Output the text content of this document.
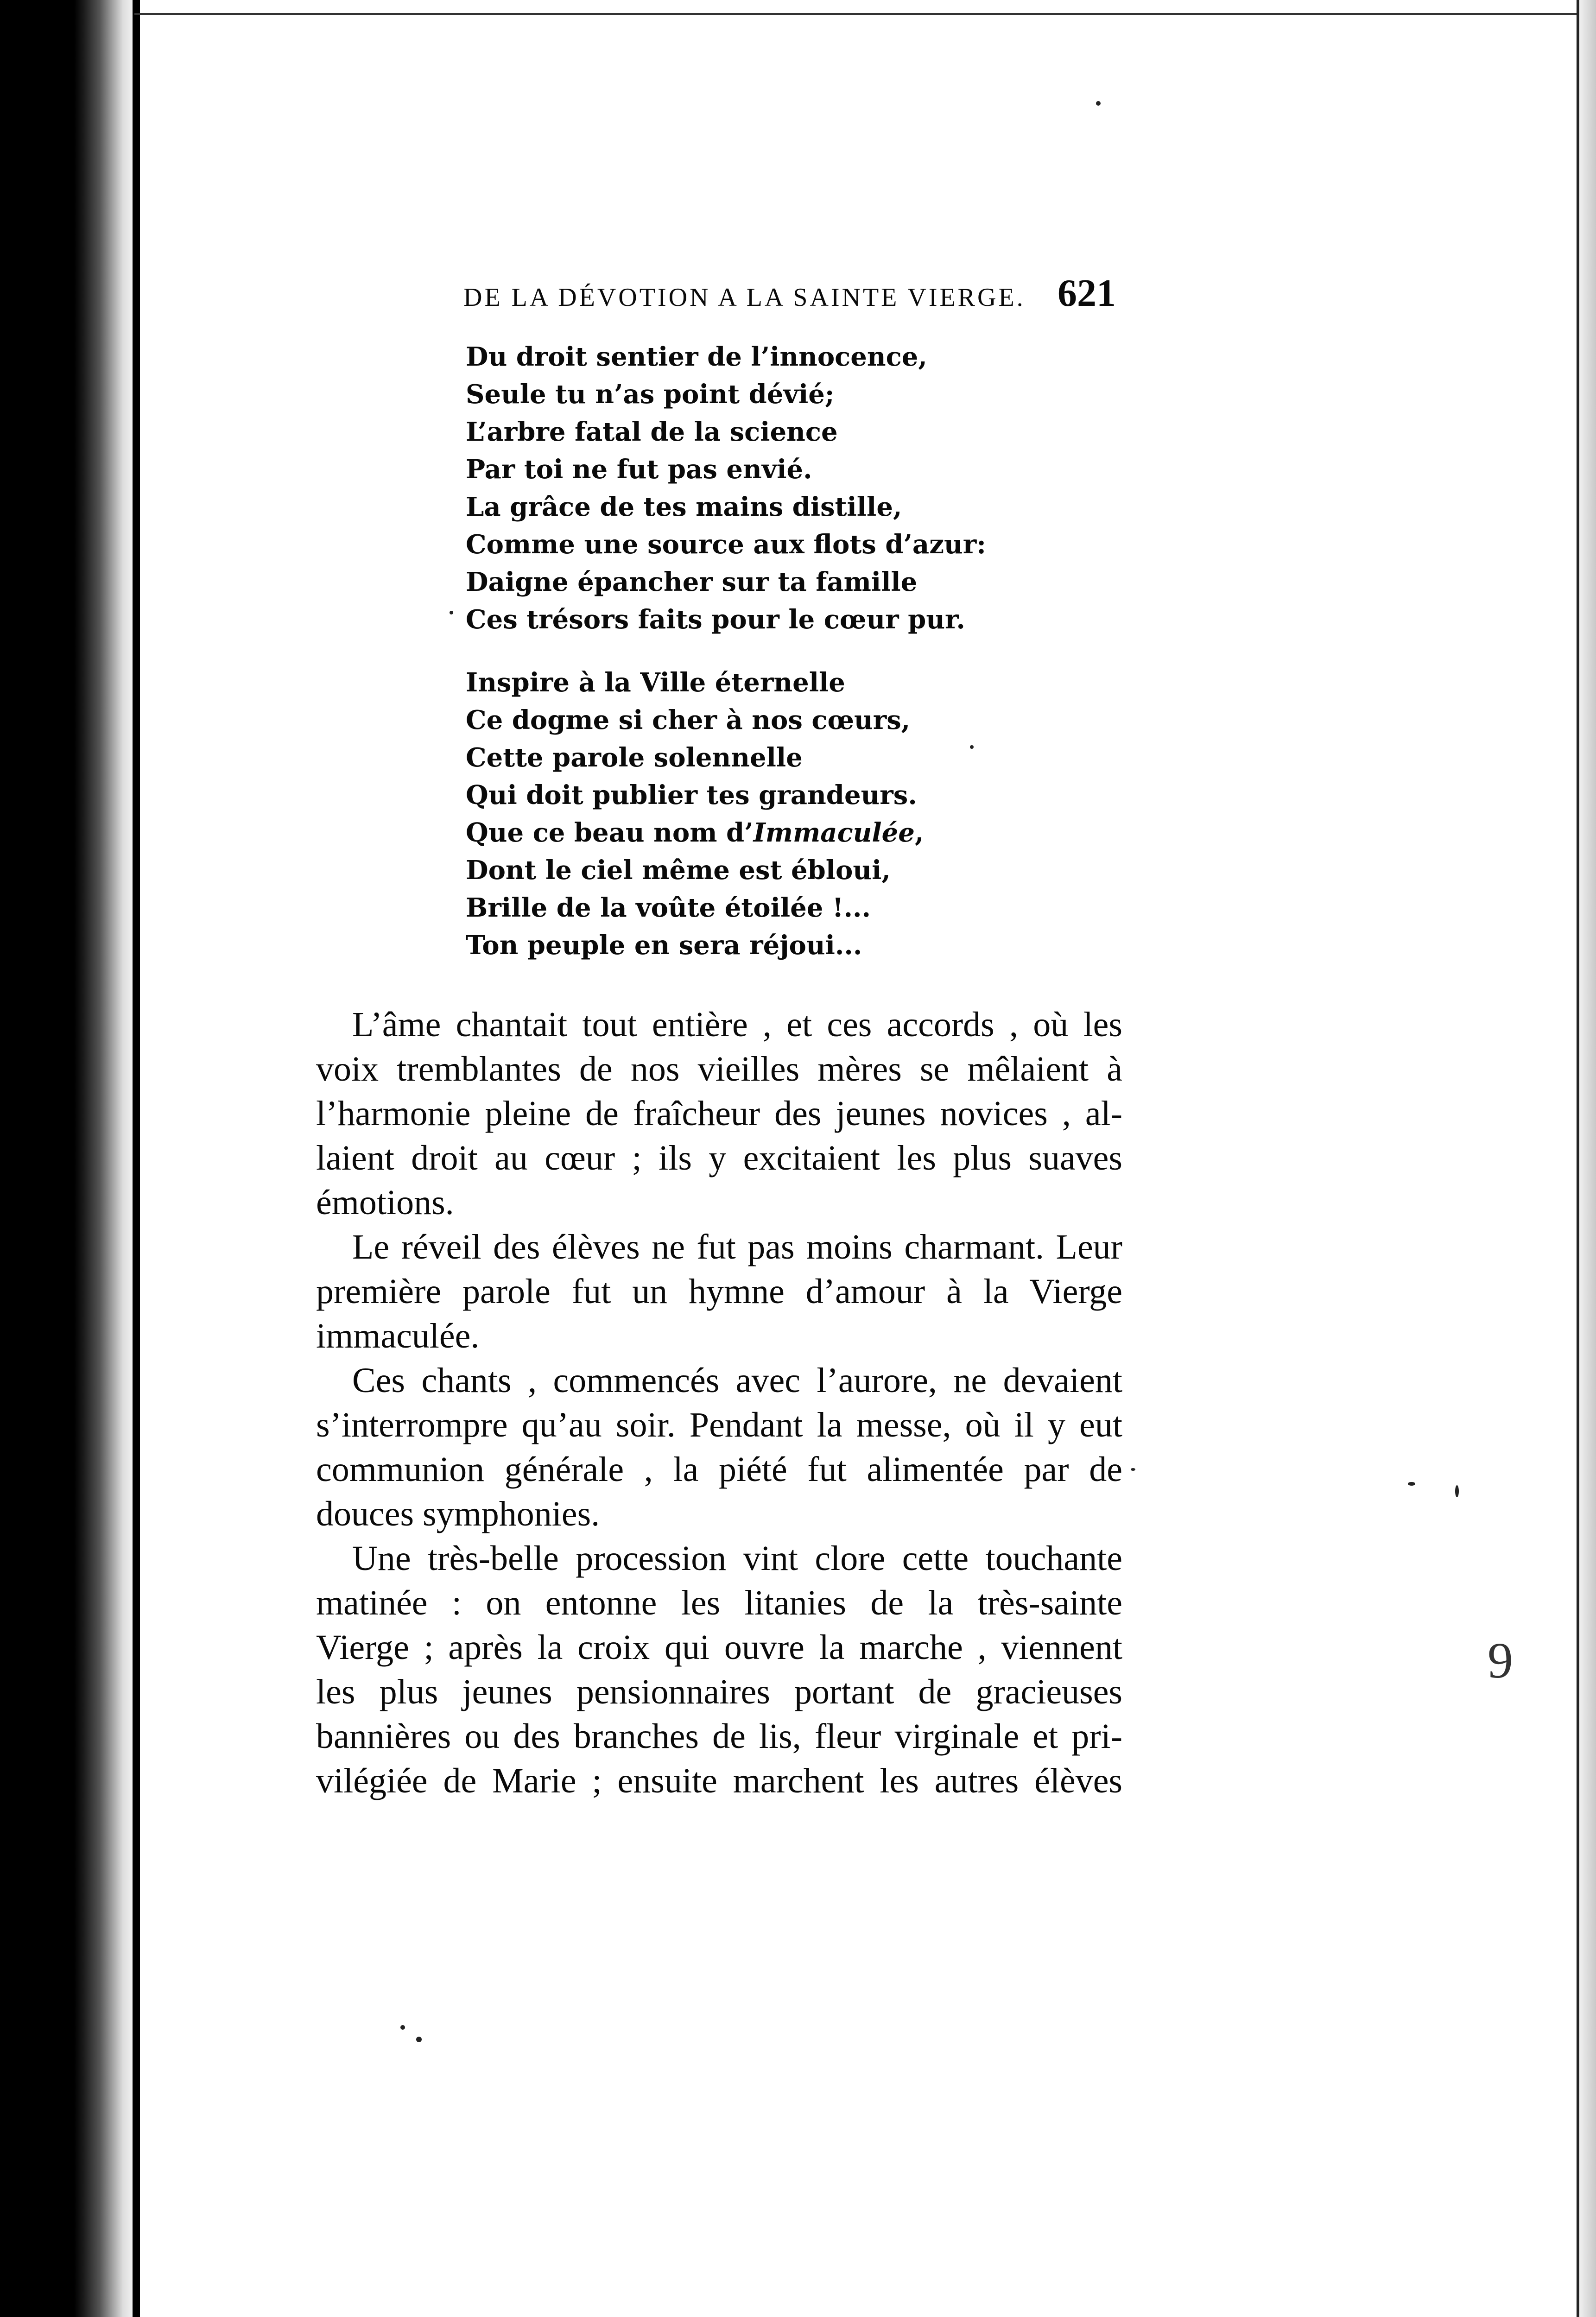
DE LA DÉVOTION A LA SAINTE VIERGE. 621
Du droit sentier de l’innocence,
Seule tu n’as point dévié;
L’arbre fatal de la science
Par toi ne fut pas envié.
La grâce de tes mains distille,
Comme une source aux flots d’azur:
Daigne épancher sur ta famille
Ces trésors faits pour le cœur pur.
Inspire à la Ville éternelle
Ce dogme si cher à nos cœurs,
Cette parole solennelle
Qui doit publier tes grandeurs.
Que ce beau nom d’Immaculée,
Dont le ciel même est ébloui,
Brille de la voûte étoilée !...
Ton peuple en sera réjoui...
L’âme chantait tout entière , et ces accords , où les
voix tremblantes de nos vieilles mères se mêlaient à
l’harmonie pleine de fraîcheur des jeunes novices , al-
laient droit au cœur ; ils y excitaient les plus suaves
émotions.
Le réveil des élèves ne fut pas moins charmant. Leur
première parole fut un hymne d’amour à la Vierge
immaculée.
Ces chants , commencés avec l’aurore, ne devaient
s’interrompre qu’au soir. Pendant la messe, où il y eut
communion générale , la piété fut alimentée par de
douces symphonies.
Une très-belle procession vint clore cette touchante
matinée : on entonne les litanies de la très-sainte
Vierge ; après la croix qui ouvre la marche , viennent
les plus jeunes pensionnaires portant de gracieuses
bannières ou des branches de lis, fleur virginale et pri-
vilégiée de Marie ; ensuite marchent les autres élèves
9
